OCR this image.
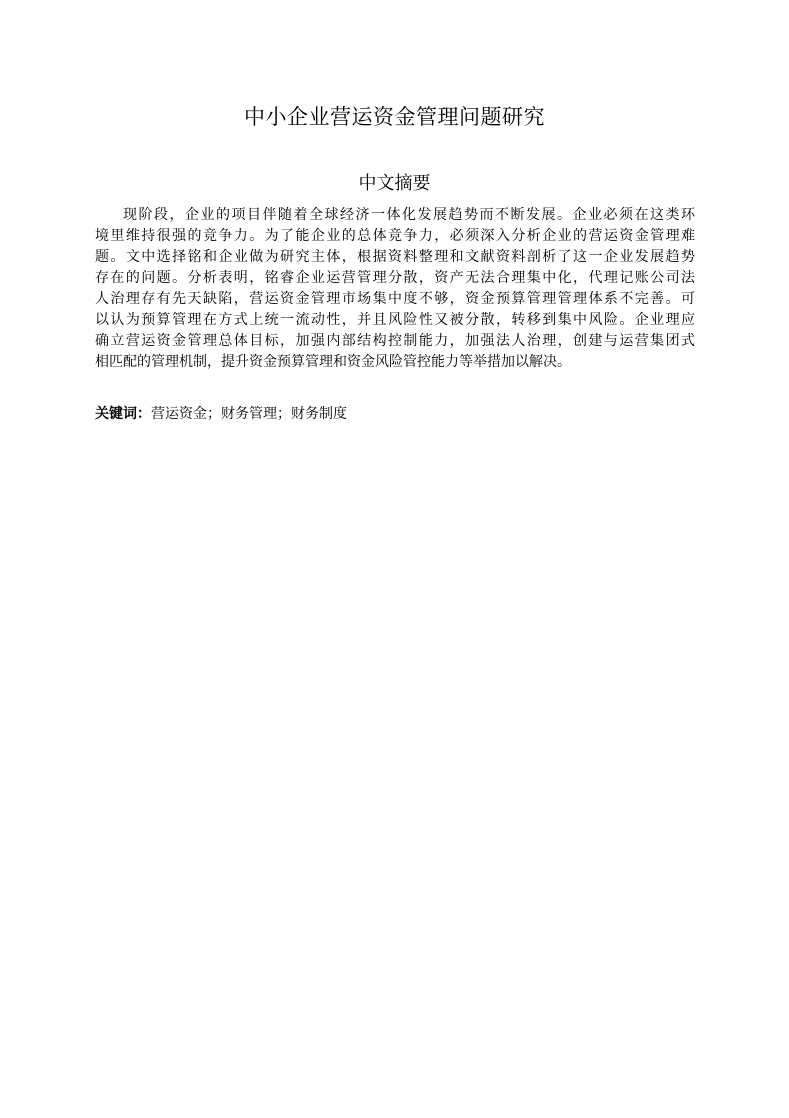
中小企业营运资金管理问题研究
中文摘要
现阶段，企业的项目伴随着全球经济一体化发展趋势而不断发展。企业必须在这类环
境里维持很强的竞争力。为了能企业的总体竞争力，必须深入分析企业的营运资金管理难
题。文中选择铭和企业做为研究主体，根据资料整理和文献资料剖析了这一企业发展趋势
存在的问题。分析表明，铭睿企业运营管理分散，资产无法合理集中化，代理记账公司法
人治理存有先天缺陷，营运资金管理市场集中度不够，资金预算管理管理体系不完善。可
以认为预算管理在方式上统一流动性，并且风险性又被分散，转移到集中风险。企业理应
确立营运资金管理总体目标，加强内部结构控制能力，加强法人治理，创建与运营集团式
相匹配的管理机制，提升资金预算管理和资金风险管控能力等举措加以解决。
关键词：营运资金；财务管理；财务制度
